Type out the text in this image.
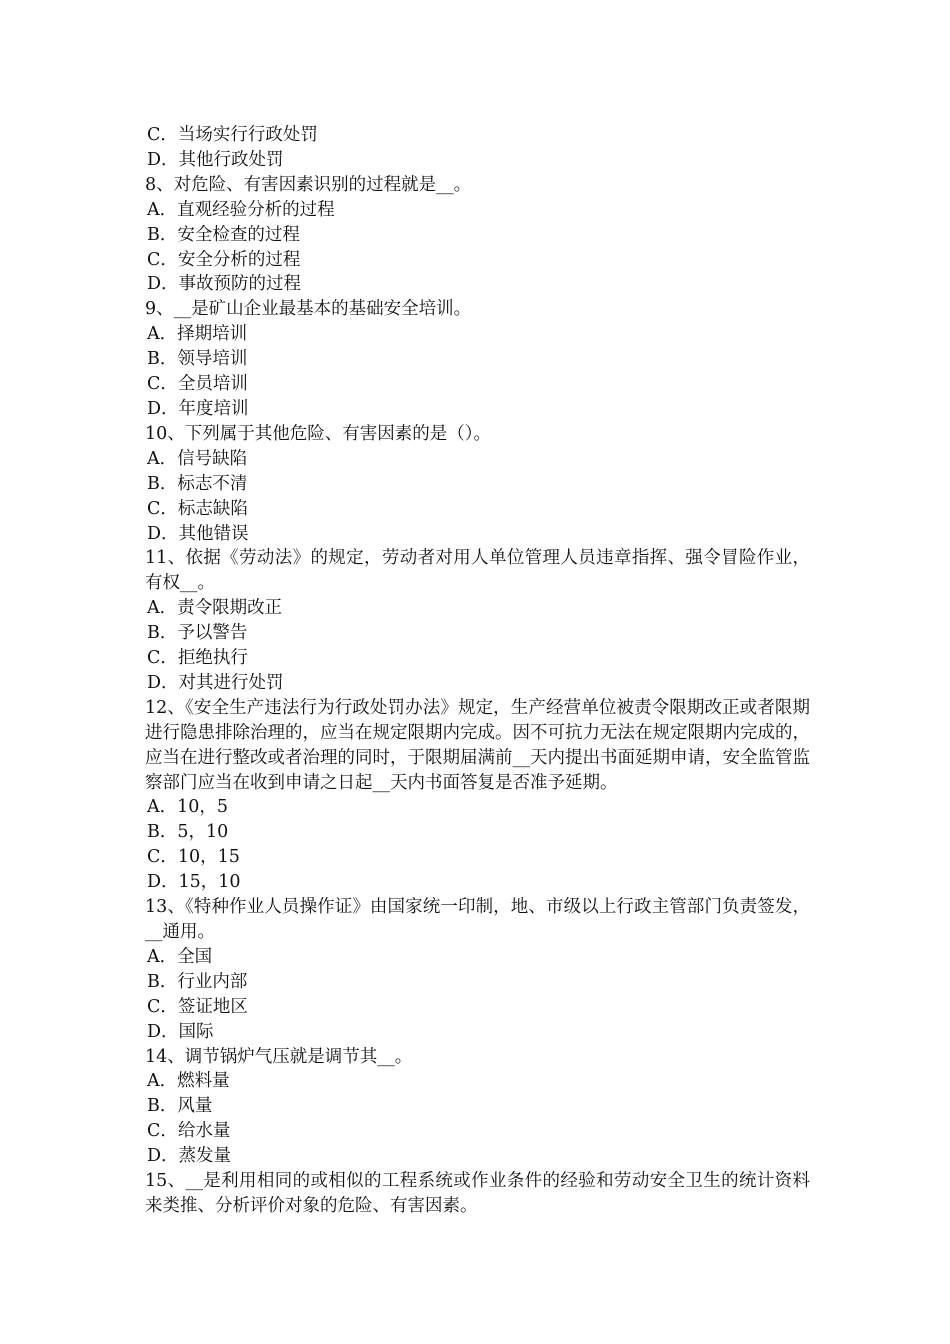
C．当场实行行政处罚
D．其他行政处罚
8、对危险、有害因素识别的过程就是__。
A．直观经验分析的过程
B．安全检查的过程
C．安全分析的过程
D．事故预防的过程
9、__是矿山企业最基本的基础安全培训。
A．择期培训
B．领导培训
C．全员培训
D．年度培训
10、下列属于其他危险、有害因素的是（）。
A．信号缺陷
B．标志不清
C．标志缺陷
D．其他错误
11、依据《劳动法》的规定，劳动者对用人单位管理人员违章指挥、强令冒险作业，有权__。
A．责令限期改正
B．予以警告
C．拒绝执行
D．对其进行处罚
12、《安全生产违法行为行政处罚办法》规定，生产经营单位被责令限期改正或者限期进行隐患排除治理的，应当在规定限期内完成。因不可抗力无法在规定限期内完成的，应当在进行整改或者治理的同时，于限期届满前__天内提出书面延期申请，安全监管监察部门应当在收到申请之日起__天内书面答复是否准予延期。
A．10，5
B．5，10
C．10，15
D．15，10
13、《特种作业人员操作证》由国家统一印制，地、市级以上行政主管部门负责签发，__通用。
A．全国
B．行业内部
C．签证地区
D．国际
14、调节锅炉气压就是调节其__。
A．燃料量
B．风量
C．给水量
D．蒸发量
15、__是利用相同的或相似的工程系统或作业条件的经验和劳动安全卫生的统计资料来类推、分析评价对象的危险、有害因素。
